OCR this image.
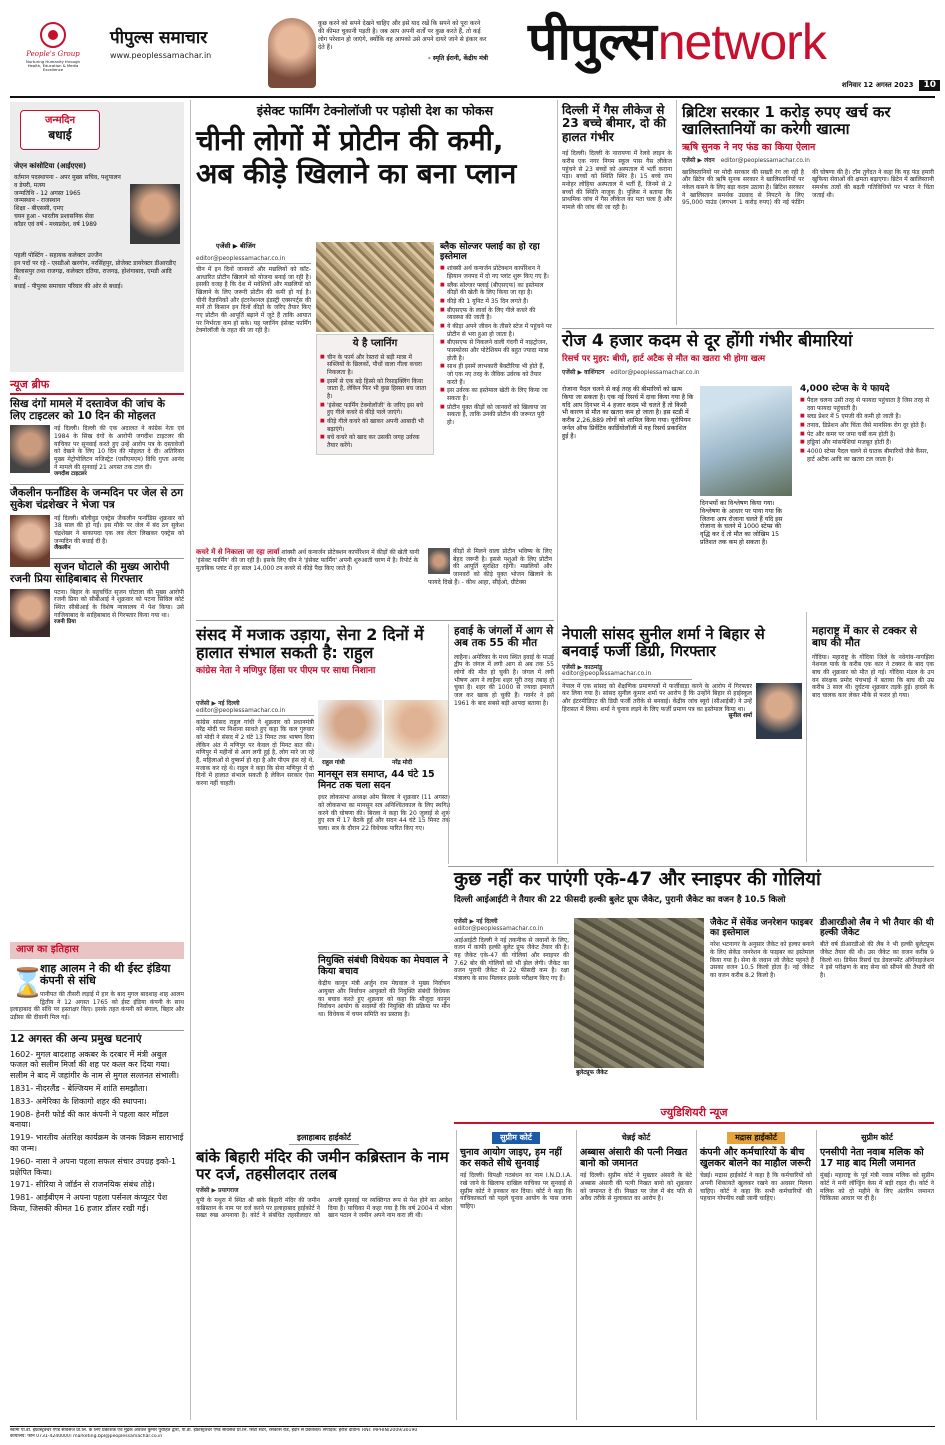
People's Group
Nurturing Humanity through Health, Education & Media Excellence
पीपुल्स समाचार
www.peoplessamachar.in
कुछ करने को सपने देखने चाहिए और इसे याद रखें कि सपने को पूरा करने की कीमत चुकानी पड़ती है। जब आप अपनी शर्तों पर कुछ करते हैं, तो कई लोग परेशान हो जाएंगे, क्योंकि वह आपको उसे अपने दायरे जाने से इंकार कर देते हैं।
- स्मृति ईरानी, केंद्रीय मंत्री पीपुल्स network
शनिवार 12 अगस्त 2023 10
जन्मदिन
बधाई
जेएन कांसोटिया (आईएएस)
वर्तमान पदस्थापना - अपर मुख्य सचिव, पशुपालन व डेयरी, मत्स्य
जन्मतिथि - 12 अगस्त 1965
जन्मस्थान - राजस्थान
शिक्षा - बीएससी, एमए
चयन हुआ - भारतीय प्रशासनिक सेवा
कॉडर एवं वर्ष - मध्यप्रदेश, वर्ष 1989
पहली पोस्टिंग - सहायक कलेक्टर उज्जैन
इन पदों पर रहे - एसडीओ खरगोन, नरसिंहपुर, प्रोजेक्ट डायरेक्टर डीआरडीए बिलासपुर तथा राजगढ़, कलेक्टर दतिया, राजगढ़, होशंगाबाद, एमडी आदि में।
बधाई - पीपुल्स समाचार परिवार की ओर से बधाई।
न्यूज ब्रीफ
सिख दंगों मामले में दस्तावेज की जांच के लिए टाइटलर को 10 दिन की मोहलत
नई दिल्ली। दिल्ली की एक अदालत ने कांग्रेस नेता एवं 1984 के सिख दंगों के आरोपी जगदीश टाइटलर की याचिका पर सुनवाई करते हुए उन्हें आरोप पत्र के दस्तावेजों को देखने के लिए 10 दिन की मोहलत दे दी। अतिरिक्त मुख्य मेट्रोपोलिटन मजिस्ट्रेट (एसीएमएम) विधि गुप्ता आनंद ने मामले की सुनवाई 21 अगस्त तक टाल दी।
जगदीश टाइटलर
जैकलीन फर्नांडिस के जन्मदिन पर जेल से ठग सुकेश चंद्रशेखर ने भेजा पत्र
नई दिल्ली। बॉलीवुड एक्ट्रेस जैकलीन फर्नांडिस शुक्रवार को 38 साल की हो गईं। इस मौके पर जेल में बंद ठग सुकेश चंद्रशेखर ने बाकायदा एक लव लेटर लिखकर एक्ट्रेस को जन्मदिन की बधाई दी है।
जैकलीन
सृजन घोटाले की मुख्य आरोपी रजनी प्रिया साहिबाबाद से गिरफ्तार
पटना। बिहार के बहुचर्चित सृजन घोटाला की मुख्य आरोपी रजनी प्रिया को सीबीआई ने शुक्रवार को पटना सिविल कोर्ट स्थित सीबीआई के विशेष न्यायालय में पेश किया। उसे गाजियाबाद के साहिबाबाद से गिरफ्तार किया गया था।
रजनी प्रिया
आज का इतिहास
⌛
शाह आलम ने की थी ईस्ट इंडिया कंपनी से संधि
पानीपत की तीसरी लड़ाई में हार के बाद मुगल बादशाह शाह आलम द्वितीय ने 12 अगस्त 1765 को ईस्ट इंडिया कंपनी के साथ इलाहाबाद की संधि पर हस्ताक्षर किए। इसके तहत कंपनी को बंगाल, बिहार और उड़ीसा की दीवानी मिल गई।
12 अगस्त की अन्य प्रमुख घटनाएं
1602- मुगल बादशाह अकबर के दरबार में मंत्री अबुल फजल को सलीम मिर्जा की शह पर कत्ल कर दिया गया। सलीम ने बाद में जहांगीर के नाम से मुगल सल्तनत संभाली।
1831- नीदरलैंड - बेल्जियम में शांति समझौता।
1833- अमेरिका के शिकागो शहर की स्थापना।
1908- हेनरी फोर्ड की कार कंपनी ने पहला कार मॉडल बनाया।
1919- भारतीय अंतरिक्ष कार्यक्रम के जनक विक्रम साराभाई का जन्म।
1960- नासा ने अपना पहला सफल संचार उपग्रह इको-1 प्रक्षेपित किया।
1971- सीरिया ने जॉर्डन से राजनयिक संबंध तोड़े।
1981- आईबीएम ने अपना पहला पर्सनल कंप्यूटर पेश किया, जिसकी कीमत 16 हजार डॉलर रखी गई।
इंसेक्ट फार्मिंग टेक्नोलॉजी पर पड़ोसी देश का फोकस
चीनी लोगों में प्रोटीन की कमी,
अब कीड़े खिलाने का बना प्लान
एजेंसी ▶ बीजिंग
editor@peoplessamachar.co.in
चीन में इन दिनों जानवरों और मछलियों को कॉट-आधारित प्रोटीन खिलाने को योजना बनाई जा रही है। इसकी वजह है कि देश में मवेशियों और मछलियों को खिलाने के लिए जरूरी प्रोटीन की कमी हो गई है। चीनी वैज्ञानिकों और इंटरनेशनल इंडस्ट्री एक्सपर्ट्स की मानें तो किसान इन दिनों कीड़ों के जरिए तैयार किए गए प्रोटीन की आपूर्ति बढ़ाने में जुटे हैं ताकि आयात पर निर्भरता कम हो सके। यह प्लानिंग इंसेक्ट फार्मिंग टेक्नोलॉजी के तहत की जा रही है।
ये है प्लानिंग
■ चीन के फार्म और रेस्तरां से बड़ी मात्रा में सब्जियों के छिलकों, पौधों वाला गीला कचरा निकलता है।
■ इसमें से एक बड़े हिस्से को रिसाइक्लिंग किया जाता है, लेकिन फिर भी कुछ हिस्सा बच जाता है।
■ 'इंसेक्ट फार्मिंग टेक्नोलॉजी' के जरिए इस बचे हुए गीले कचरे से कीड़े पाले जाएंगे।
■ कीड़े गीले कचरे को खाकर अपनी आबादी भी बढ़ाएंगे।
■ बचे कचरे को खाद कर उसकी जगह उर्वरक तैयार करेंगे।
ब्लैक सोल्जर फ्लाई का हो रहा इस्तेमाल
■ शांक्सी अर्थ कन्वर्जन प्रोटेक्शन कार्पोरेशन ने झियान जनपद में दो नए प्लांट शुरू किए गए हैं।
■ ब्लैक सोल्जर फ्लाई (बीएसएफ) का इस्तेमाल कीड़ों की खेती के लिए किया जा रहा है।
■ कीड़े की 1 यूनिट में 35 दिन लगते हैं।
■ बीएसएफ के लार्वा के लिए गीले कचरे की व्यवस्था की जाती है।
■ ये कीड़ा अपने जीवन के तीसरे स्टेज में पहुंचने पर प्रोटीन से भरा हुआ हो जाता है।
■ बीएसएफ से निकलने वाली गंदगी में नाइट्रोजन, फास्फोरस और पोटेशियम की बहुत ज्यादा मात्रा होती है।
■ साथ ही इसमें लाभकारी बैक्टीरिया भी होते हैं, जो एक नए तरह के जैविक उर्वरक को तैयार करते हैं।
■ इस उर्वरक का इस्तेमाल खेती के लिए किया जा सकता है।
■ प्रोटीन युक्त कीड़ों को जानवरों को खिलाया जा सकता है, ताकि उनकी प्रोटीन की जरूरत पूरी हो।
कचरे में से निकाला जा रहा लार्वा शांक्सी अर्थ कन्वर्जन प्रोटेक्शन कार्पोरेशन में कीड़ों की खेती यानी 'इंसेक्ट फार्मिंग' की जा रही है। इसके लिए चीन ने 'इंसेक्ट फार्मिंग' अपनी शुरुआती चरण में है। रिपोर्ट के मुताबिक प्लांट में हर साल 14,000 टन कचरे से कीड़े पैदा किए जाते हैं।
कीड़ों से मिलने वाला प्रोटीन भविष्य के लिए बेहद जरूरी है। इससे पशुओं के लिए प्रोटीन की आपूर्ति सुरक्षित रहेगी। मछलियों और जानवरों को कीड़े युक्त भोजन खिलाने के फायदे दिखे हैं। - कीथ आहा, सीईओ, ग्रीटेक्स
दिल्ली में गैस लीकेज से 23 बच्चे बीमार, दो की हालत गंभीर
नई दिल्ली। दिल्ली के नारायणा में रेलवे लाइन के करीब एक नगर निगम स्कूल पास गैस लीकेज पहुंचने से 23 बच्चों को अस्पताल में भर्ती कराना पड़ा। बच्चों को स्थिति स्थिर है। 15 बच्चे राम मनोहर लोहिया अस्पताल में भर्ती हैं, जिनमें से 2 बच्चों की स्थिति नाजुक है। पुलिस ने बताया कि प्राथमिक जांच में गैस लीकेज का पता चला है और मामले की जांच की जा रही है।
ब्रिटिश सरकार 1 करोड़ रुपए खर्च कर खालिस्तानियों का करेगी खात्मा
ऋषि सुनक ने नए फंड का किया ऐलान
एजेंसी ▶ लंदन editor@peoplessamachar.co.in
खालिस्तानियों पर मोदी सरकार की सख्ती रंग ला रही है और ब्रिटेन की ऋषि सुनक सरकार ने खालिस्तानियों पर नकेल कसने के लिए बड़ा कदम उठाया है। ब्रिटिश सरकार ने खालिस्तान समर्थक उग्रवाद से निपटने के लिए 95,000 पाउंड (लगभग 1 करोड़ रुपए) की नई फंडिंग की घोषणा की है। टॉम तुगेंदत ने कहा कि यह फंड हमारी खुफिया सेवाओं की क्षमता बढ़ाएगा। ब्रिटेन में खालिस्तानी समर्थक तत्वों की बढ़ती गतिविधियों पर भारत ने चिंता जताई थी।
रोज 4 हजार कदम से दूर होंगी गंभीर बीमारियां
रिसर्च पर मुहर: बीपी, हार्ट अटैक से मौत का खतरा भी होगा खत्म
एजेंसी ▶ वाशिंगटन editor@peoplessamachar.co.in
रोजाना पैदल चलने से कई तरह की बीमारियों को खत्म किया जा सकता है। एक नई रिसर्च में दावा किया गया है कि यदि आप दिनभर में 4 हजार कदम भी चलते हैं तो किसी भी कारण से मौत का खतरा कम हो जाता है। इस स्टडी में करीब 2,26,889 लोगों को शामिल किया गया। यूरोपियन जर्नल ऑफ प्रिवेंटिव कार्डियोलॉजी में यह रिसर्च प्रकाशित हुई है।
दिनभर्यो का विश्लेषण किया गया। विश्लेषण के आधार पर पाया गया कि जितना आप रोजाना चलते हैं यदि इस रोजाना के चलने में 1000 स्टेप्स की वृद्धि कर दें तो मौत का जोखिम 15 प्रतिशत तक कम हो सकता है।
4,000 स्टेप्स के ये फायदे
■ पैदल चलना उसी तरह से फायदा पहुंचाता है जिस तरह से दवा फायदा पहुंचाती है।
■ ब्लड प्रेशर में 5 एमजी की कमी हो जाती है।
■ तनाव, डिप्रेशन और चिंता जैसे मानसिक रोग दूर होते हैं।
■ पेट और कमर पर जमा चर्बी कम होती है।
■ हड्डियां और मांसपेशियां मजबूत होती हैं।
■ 4000 स्टेप्स पैदल चलने से घातक बीमारियों जैसे कैंसर, हार्ट अटैक आदि का खतरा टल जाता है।
संसद में मजाक उड़ाया, सेना 2 दिनों में हालात संभाल सकती है: राहुल
कांग्रेस नेता ने मणिपुर हिंसा पर पीएम पर साधा निशाना
एजेंसी ▶ नई दिल्ली
editor@peoplessamachar.co.in
कांग्रेस सांसद राहुल गांधी ने शुक्रवार को प्रधानमंत्री नरेंद्र मोदी पर निशाना साधते हुए कहा कि कल गुरुवार को मोदी ने संसद में 2 घंटे 13 मिनट तक भाषण दिया लेकिन अंत में मणिपुर पर केवल दो मिनट बात की। मणिपुर में महीनों से आग लगी हुई है, लोग मारे जा रहे हैं, महिलाओं से दुष्कर्म हो रहा है और पीएम हंस रहे थे, मजाक कर रहे थे। राहुल ने कहा कि सेना मणिपुर में दो दिनों में हालात संभाल सकती है लेकिन सरकार ऐसा करना नहीं चाहती।
राहुल गांधी	नरेंद्र मोदी
मानसून सत्र समाप्त, 44 घंटे 15 मिनट तक चला सदन
इधर लोकसभा अध्यक्ष ओम बिरला ने शुक्रवार (11 अगस्त) को लोकसभा का मानसून सत्र अनिश्चितकाल के लिए स्थगित करने की घोषणा की। बिरला ने कहा कि 20 जुलाई से शुरू हुए सत्र में 17 बैठकें हुईं और सदन 44 घंटे 15 मिनट तक चला। सत्र के दौरान 22 विधेयक पारित किए गए।
नियुक्ति संबंधी विधेयक का मेघवाल ने किया बचाव
केंद्रीय कानून मंत्री अर्जुन राम मेघवाल ने मुख्य निर्वाचन आयुक्त और निर्वाचन आयुक्तों की नियुक्ति संबंधी विधेयक का बचाव करते हुए शुक्रवार को कहा कि मौजूदा कानून निर्वाचन आयोग के सदस्यों की नियुक्ति की प्रक्रिया पर मौन था। विधेयक में चयन समिति का प्रस्ताव है।
हवाई के जंगलों में आग से अब तक 55 की मौत
लाहैना। अमेरिका के मध्य स्थित हवाई के माउई द्वीप के जंगल में लगी आग से अब तक 55 लोगों की मौत हो चुकी है। जंगल में लगी भीषण आग ने लाहैना शहर पूरी तरह तबाह हो चुका है। शहर की 1000 से ज्यादा इमारतें जल कर खाक हो चुकी हैं। गवर्नर ने इसे 1961 के बाद सबसे बड़ी आपदा बताया है।
नेपाली सांसद सुनील शर्मा ने बिहार से बनवाई फर्जी डिग्री, गिरफ्तार
एजेंसी ▶ काठमांडू
editor@peoplessamachar.co.in
नेपाल में एक सांसद को शैक्षणिक प्रमाणपत्रों में फर्जीवाड़ा करने के आरोप में गिरफ्तार कर लिया गया है। सांसद सुनील कुमार शर्मा पर आरोप है कि उन्होंने बिहार से हाईस्कूल और इंटरमीडिएट की डिग्री फर्जी तरीके से बनवाई। केंद्रीय जांच ब्यूरो (सीआईबी) ने उन्हें हिरासत में लिया। शर्मा ने चुनाव लड़ने के लिए फर्जी प्रमाण पत्र का इस्तेमाल किया था।
सुनील शर्मा
महाराष्ट्र में कार से टक्कर से बाघ की मौत
गोंदिया। महाराष्ट्र के गोंदिया जिले के नवेगांव-नागझिरा नेशनल पार्क के करीब एक कार ने टक्कर के बाद एक बाघ की शुक्रवार को मौत हो गई। गोंदिया मंडल के उप वन संरक्षक प्रमोद पंचभाई ने बताया कि बाघ की उम्र करीब 3 साल थी। दुर्घटना शुक्रवार तड़के हुई। हादसे के बाद चालक कार लेकर मौके से फरार हो गया।
कुछ नहीं कर पाएंगी एके-47 और स्नाइपर की गोलियां
दिल्ली आईआईटी ने तैयार की 22 फीसदी हल्की बुलेट प्रूफ जैकेट, पुरानी जैकेट का वजन है 10.5 किलो
एजेंसी ▶ नई दिल्ली
editor@peoplessamachar.co.in
आईआईटी दिल्ली ने नई तकनीक से जवानों के लिए, वजन में काफी हल्की बुलेट प्रूफ जैकेट तैयार की है। यह जैकेट एके-47 की गोलियां और स्नाइपर की 7.62 बोर की गोलियों को भी झेल लेगी। जैकेट का वजन पुरानी जैकेट से 22 फीसदी कम है। रक्षा मंत्रालय के साथ मिलकर इसके परीक्षण किए गए हैं।
बुलेटप्रूफ जैकेट
जैकेट में सेकेंड जनरेशन फाइबर का इस्तेमाल
नरेश भटनागर के अनुसार जैकेट को हल्का बनाने के लिए सेकेंड जनरेशन के फाइबर का इस्तेमाल किया गया है। सेना के जवान जो जैकेट पहनते हैं उसका वजन 10.5 किलो होता है। नई जैकेट का वजन करीब 8.2 किलो है।
डीआरडीओ लैब ने भी तैयार की थी हल्की जैकेट
बीते वर्ष डीआरडीओ की लैब ने भी हल्की बुलेटप्रूफ जैकेट तैयार की थी। उस जैकेट का वजन करीब 9 किलो था। डिफेंस रिसर्च एंड डेवलपमेंट ऑर्गेनाइजेशन ने इसे परीक्षण के बाद सेना को सौंपने की तैयारी की है।
ज्युडिशियरी न्यूज
इलाहाबाद हाईकोर्ट
बांके बिहारी मंदिर की जमीन कब्रिस्तान के नाम पर दर्ज, तहसीलदार तलब
एजेंसी ▶ प्रयागराज
यूपी के मथुरा में स्थित श्री बांके बिहारी मंदिर की जमीन कब्रिस्तान के नाम पर दर्ज करने पर इलाहाबाद हाईकोर्ट ने सख्त रुख अपनाया है। कोर्ट ने संबंधित तहसीलदार को अगली सुनवाई पर व्यक्तिगत रूप से पेश होने का आदेश दिया है। याचिका में कहा गया है कि वर्ष 2004 में भोला खान पठान ने जमीन अपने नाम करा ली थी।
सुप्रीम कोर्ट
चुनाव आयोग जाइए, हम नहीं कर सकते सीधे सुनवाई
नई दिल्ली। विपक्षी गठबंधन का नाम I.N.D.I.A. रखे जाने के खिलाफ दाखिल याचिका पर सुनवाई से सुप्रीम कोर्ट ने इनकार कर दिया। कोर्ट ने कहा कि याचिकाकर्ता को पहले चुनाव आयोग के पास जाना चाहिए।
चेन्नई कोर्ट
अब्बास अंसारी की पत्नी निखत बानो को जमानत
नई दिल्ली। सुप्रीम कोर्ट ने मुख्तार अंसारी के बेटे अब्बास अंसारी की पत्नी निखत बानो को शुक्रवार को जमानत दे दी। निखत पर जेल में बंद पति से अवैध तरीके से मुलाकात का आरोप है।
मद्रास हाईकोर्ट
कंपनी और कर्मचारियों के बीच खुलकर बोलने का माहौल जरूरी
चेन्नई। मद्रास हाईकोर्ट ने कहा है कि कर्मचारियों को अपनी शिकायतें खुलकर रखने का अवसर मिलना चाहिए। कोर्ट ने कहा कि सभी कर्मचारियों की पहचान गोपनीय रखी जानी चाहिए।
सुप्रीम कोर्ट
एनसीपी नेता नवाब मलिक को 17 माह बाद मिली जमानत
मुंबई। महाराष्ट्र के पूर्व मंत्री नवाब मलिक को सुप्रीम कोर्ट ने मनी लॉन्ड्रिंग केस में बड़ी राहत दी। कोर्ट ने मलिक को दो महीने के लिए अंतरिम जमानत चिकित्सा आधार पर दी है।
स्वामी पी.डी. इंफ्रास्ट्रक्चर एण्ड सर्विसेज प्रा.लि. के लिए प्रकाशक एवं मुद्रक अवधेश कुमार पुरोहित द्वारा, पी.डी. इंफ्रास्ट्रक्चर एण्ड सर्विसेज प्रा.लि. सिटी सेंटर, रेसकोर्स रोड, इंदौर से प्रकाशित। संपादक: हरीश दीवान। RNI: MPHIN/2009/30190
कार्यालय: फोन 0731-4240000। marketing.bpl@peoplessamachar.co.in
